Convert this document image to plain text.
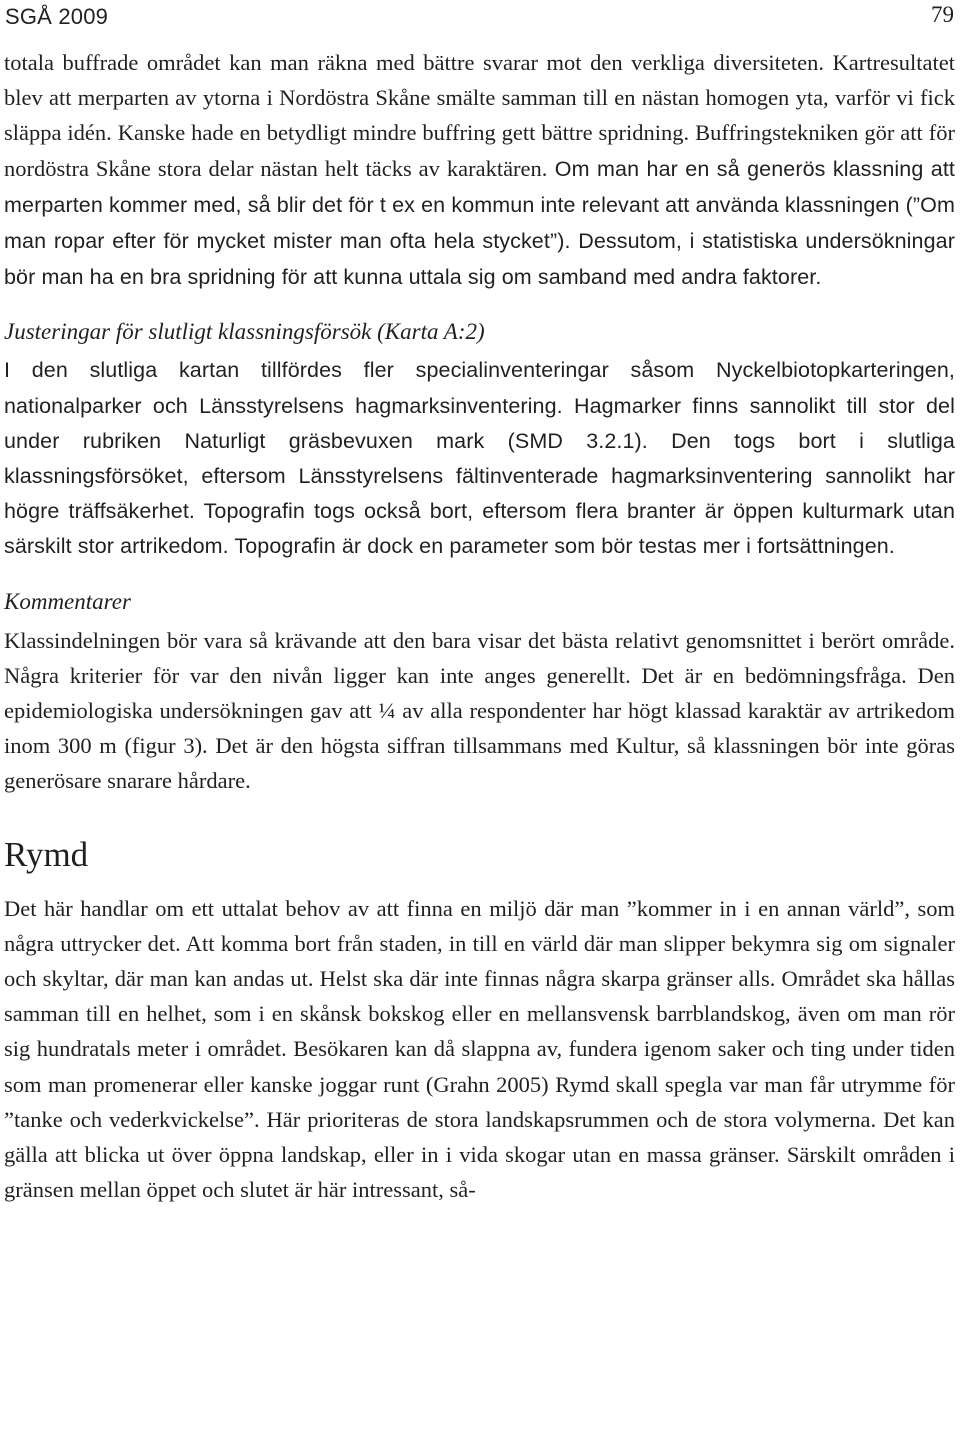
SGÅ 2009	79

totala buffrade området kan man räkna med bättre svarar mot den verkliga diversiteten. Kartresultatet blev att merparten av ytorna i Nordöstra Skåne smälte samman till en nästan homogen yta, varför vi fick släppa idén. Kanske hade en betydligt mindre buffring gett bättre spridning. Buffringstekniken gör att för nordöstra Skåne stora delar nästan helt täcks av karaktären. Om man har en så generös klassning att merparten kommer med, så blir det för t ex en kommun inte relevant att använda klassningen (”Om man ropar efter för mycket mister man ofta hela stycket”). Dessutom, i statistiska undersökningar bör man ha en bra spridning för att kunna uttala sig om samband med andra faktorer.

Justeringar för slutligt klassningsförsök (Karta A:2)

I den slutliga kartan tillfördes fler specialinventeringar såsom Nyckelbiotopkarteringen, nationalparker och Länsstyrelsens hagmarksinventering. Hagmarker finns sannolikt till stor del under rubriken Naturligt gräsbevuxen mark (SMD 3.2.1). Den togs bort i slutliga klassningsförsöket, eftersom Länsstyrelsens fältinventerade hagmarksinventering sannolikt har högre träffsäkerhet. Topografin togs också bort, eftersom flera branter är öppen kulturmark utan särskilt stor artrikedom. Topografin är dock en parameter som bör testas mer i fortsättningen.

Kommentarer

Klassindelningen bör vara så krävande att den bara visar det bästa relativt genomsnittet i berört område. Några kriterier för var den nivån ligger kan inte anges generellt. Det är en bedömningsfråga. Den epidemiologiska undersökningen gav att ¼ av alla respondenter har högt klassad karaktär av artrikedom inom 300 m (figur 3). Det är den högsta siffran tillsammans med Kultur, så klassningen bör inte göras generösare snarare hårdare.

Rymd

Det här handlar om ett uttalat behov av att finna en miljö där man ”kommer in i en annan värld”, som några uttrycker det. Att komma bort från staden, in till en värld där man slipper bekymra sig om signaler och skyltar, där man kan andas ut. Helst ska där inte finnas några skarpa gränser alls. Området ska hållas samman till en helhet, som i en skånsk bokskog eller en mellansvensk barrblandskog, även om man rör sig hundratals meter i området. Besökaren kan då slappna av, fundera igenom saker och ting under tiden som man promenerar eller kanske joggar runt (Grahn 2005) Rymd skall spegla var man får utrymme för ”tanke och vederkvickelse”. Här prioriteras de stora landskapsrummen och de stora volymerna. Det kan gälla att blicka ut över öppna landskap, eller in i vida skogar utan en massa gränser. Särskilt områden i gränsen mellan öppet och slutet är här intressant, så-
